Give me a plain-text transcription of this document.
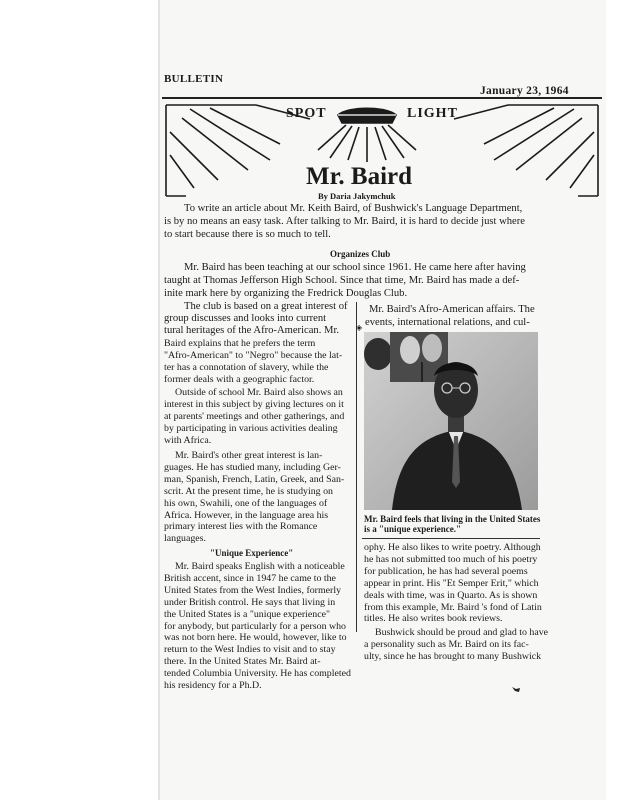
BULLETIN
January 23, 1964
SPOT	LIGHT
Mr. Baird
By Daria Jakymchuk
To write an article about Mr. Keith Baird, of Bushwick's Language Department,
is by no means an easy task. After talking to Mr. Baird, it is hard to decide just where
to start because there is so much to tell.
Organizes Club
Mr. Baird has been teaching at our school since 1961. He came here after having
taught at Thomas Jefferson High School. Since that time, Mr. Baird has made a def-
inite mark here by organizing the Fredrick Douglas Club.
The club is based on a great interest of
group discusses and looks into current
tural heritages of the Afro-American. Mr.
Mr. Baird's Afro-American affairs. The
events, international relations, and cul-
◈
Baird explains that he prefers the term
"Afro-American" to "Negro" because the lat-
ter has a connotation of slavery, while the
former deals with a geographic factor.
Outside of school Mr. Baird also shows an
interest in this subject by giving lectures on it
at parents' meetings and other gatherings, and
by participating in various activities dealing
with Africa.
Mr. Baird's other great interest is lan-
guages. He has studied many, including Ger-
man, Spanish, French, Latin, Greek, and San-
scrit. At the present time, he is studying on
his own, Swahili, one of the languages of
Africa. However, in the language area his
primary interest lies with the Romance
languages.
"Unique Experience"
Mr. Baird speaks English with a noticeable
British accent, since in 1947 he came to the
United States from the West Indies, formerly
under British control. He says that living in
the United States is a "unique experience"
for anybody, but particularly for a person who
was not born here. He would, however, like to
return to the West Indies to visit and to stay
there. In the United States Mr. Baird at-
tended Columbia University. He has completed
his residency for a Ph.D.
Mr. Baird feels that living in the United States
is a "unique experience."
ophy. He also likes to write poetry. Although
he has not submitted too much of his poetry
for publication, he has had several poems
appear in print. His "Et Semper Erit," which
deals with time, was in Quarto. As is shown
from this example, Mr. Baird 's fond of Latin
titles. He also writes book reviews.
Bushwick should be proud and glad to have
a personality such as Mr. Baird on its fac-
ulty, since he has brought to many Bushwick
